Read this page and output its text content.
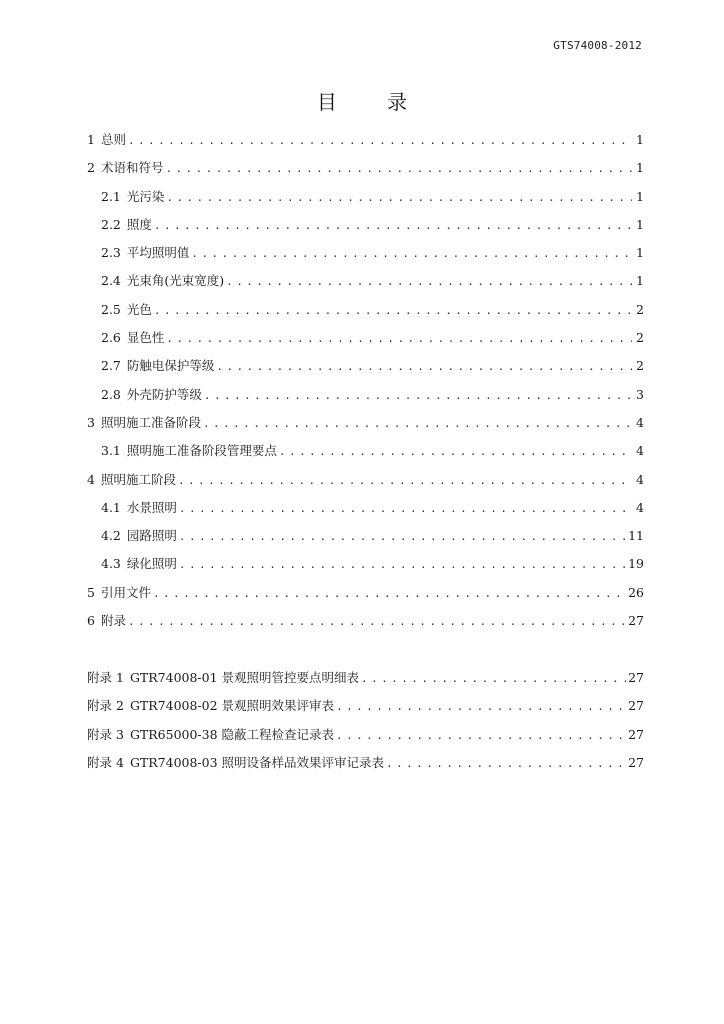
GTS74008-2012
目 录
1 总则 . . .	1
2 术语和符号 . . .	1
2.1 光污染 . . .	1
2.2 照度 . . .	1
2.3 平均照明值 . . .	1
2.4 光束角(光束宽度) . . .	1
2.5 光色 . . .	2
2.6 显色性 . . .	2
2.7 防触电保护等级 . . .	2
2.8 外壳防护等级 . . .	3
3 照明施工准备阶段 . . .	4
3.1 照明施工准备阶段管理要点 . . .	4
4 照明施工阶段 . . .	4
4.1 水景照明 . . .	4
4.2 园路照明 . . .	11
4.3 绿化照明 . . .	19
5 引用文件 . . .	26
6 附录 . . .	27
附录 1 GTR74008-01 景观照明管控要点明细表 . . .	27
附录 2 GTR74008-02 景观照明效果评审表 . . .	27
附录 3 GTR65000-38 隐蔽工程检查记录表 . . .	27
附录 4 GTR74008-03 照明设备样品效果评审记录表 . . .	27
